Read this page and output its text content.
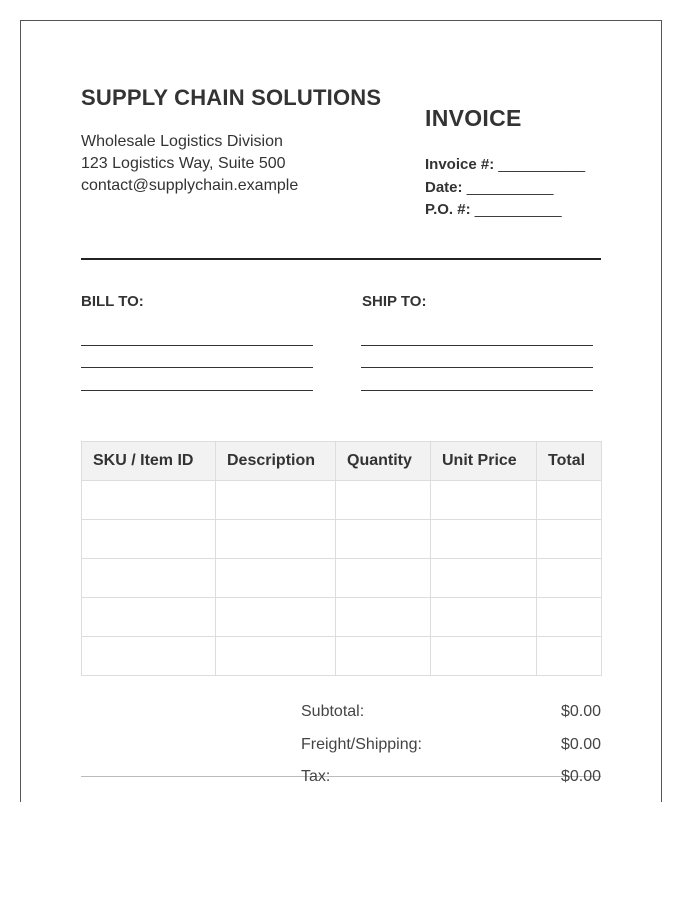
SUPPLY CHAIN SOLUTIONS
Wholesale Logistics Division
123 Logistics Way, Suite 500
contact@supplychain.example
INVOICE
Invoice #: ___________
Date: ___________
P.O. #: ___________
BILL TO:	SHIP TO:
SKU / Item ID	Description	Quantity	Unit Price	Total

Subtotal:	$0.00
Freight/Shipping:	$0.00
Tax:	$0.00
